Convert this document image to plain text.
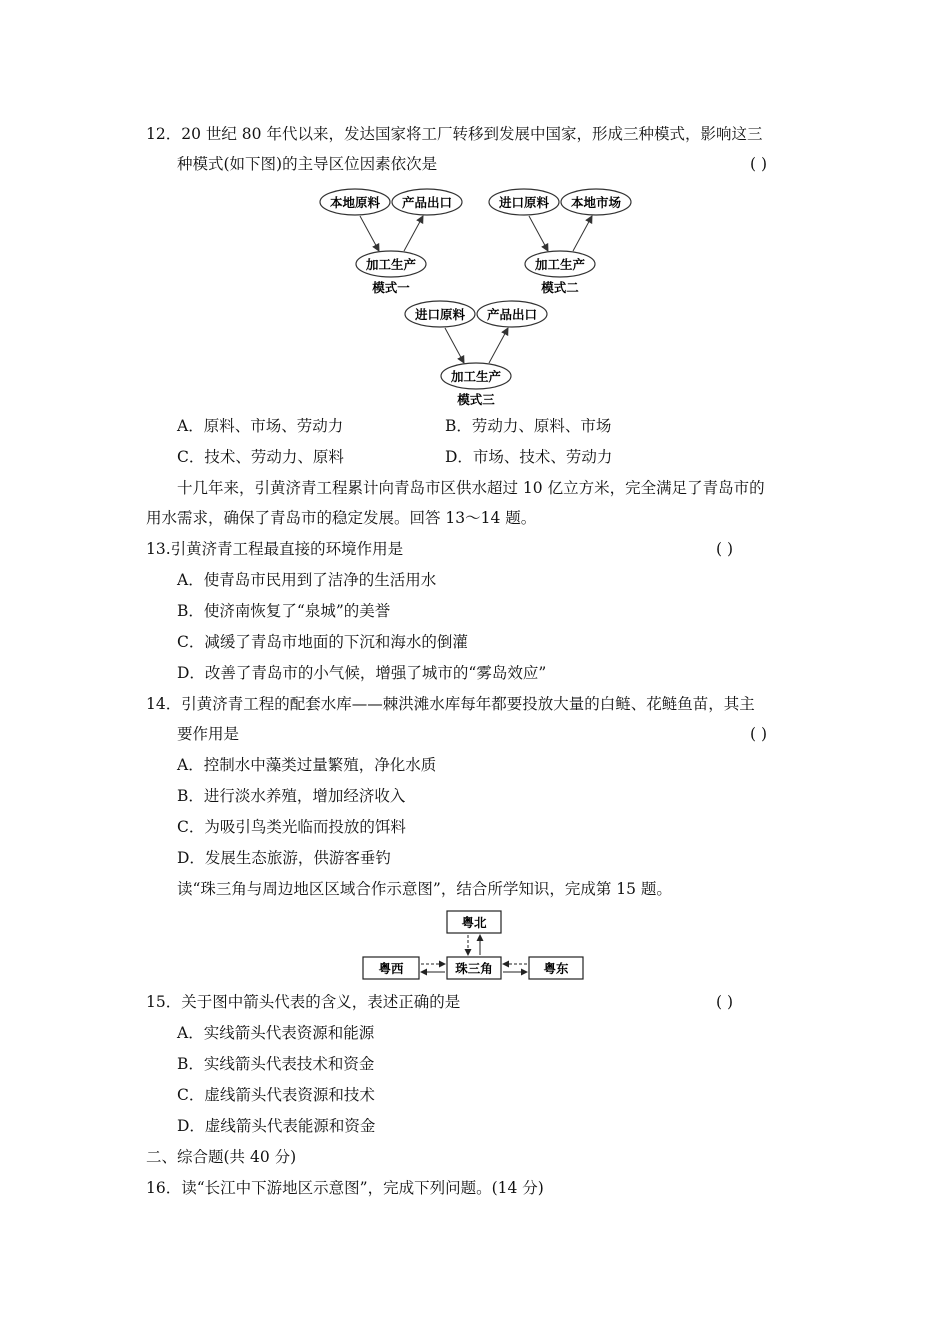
12．20 世纪 80 年代以来，发达国家将工厂转移到发展中国家，形成三种模式，影响这三
种模式(如下图)的主导区位因素依次是	( )
本地原料 产品出口
加工生产
模式一
进口原料 本地市场
加工生产
模式二
进口原料 产品出口
加工生产
模式三
A．原料、市场、劳动力	B．劳动力、原料、市场
C．技术、劳动力、原料	D．市场、技术、劳动力
十几年来，引黄济青工程累计向青岛市区供水超过 10 亿立方米，完全满足了青岛市的
用水需求，确保了青岛市的稳定发展。回答 13～14 题。
13.引黄济青工程最直接的环境作用是	( )
A．使青岛市民用到了洁净的生活用水
B．使济南恢复了“泉城”的美誉
C．减缓了青岛市地面的下沉和海水的倒灌
D．改善了青岛市的小气候，增强了城市的“雾岛效应”
14．引黄济青工程的配套水库——棘洪滩水库每年都要投放大量的白鲢、花鲢鱼苗，其主
要作用是	( )
A．控制水中藻类过量繁殖，净化水质
B．进行淡水养殖，增加经济收入
C．为吸引鸟类光临而投放的饵料
D．发展生态旅游，供游客垂钓
读“珠三角与周边地区区域合作示意图”，结合所学知识，完成第 15 题。
粤北
粤西	珠三角	粤东
15．关于图中箭头代表的含义，表述正确的是	( )
A．实线箭头代表资源和能源
B．实线箭头代表技术和资金
C．虚线箭头代表资源和技术
D．虚线箭头代表能源和资金
二、综合题(共 40 分)
16．读“长江中下游地区示意图”，完成下列问题。(14 分)
